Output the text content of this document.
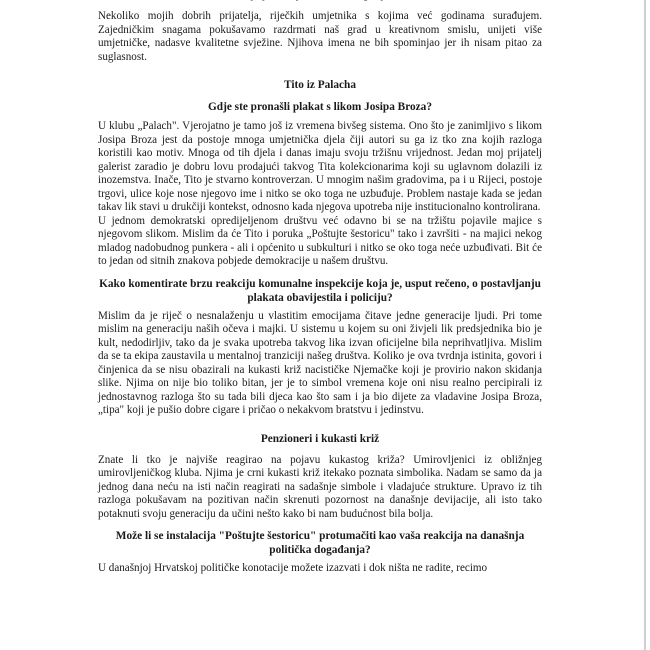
Nekoliko mojih dobrih prijatelja, riječkih umjetnika s kojima već godinama surađujem. Zajedničkim snagama pokušavamo razdrmati naš grad u kreativnom smislu, unijeti više umjetničke, nadasve kvalitetne svježine. Njihova imena ne bih spominjao jer ih nisam pitao za suglasnost.

Tito iz Palacha

Gdje ste pronašli plakat s likom Josipa Broza?

U klubu „Palach". Vjerojatno je tamo još iz vremena bivšeg sistema. Ono što je zanimljivo s likom Josipa Broza jest da postoje mnoga umjetnička djela čiji autori su ga iz tko zna kojih razloga koristili kao motiv. Mnoga od tih djela i danas imaju svoju tržišnu vrijednost. Jedan moj prijatelj galerist zaradio je dobru lovu prodajući takvog Tita kolekcionarima koji su uglavnom dolazili iz inozemstva. Inače, Tito je stvarno kontroverzan. U mnogim našim gradovima, pa i u Rijeci, postoje trgovi, ulice koje nose njegovo ime i nitko se oko toga ne uzbuđuje. Problem nastaje kada se jedan takav lik stavi u drukčiji kontekst, odnosno kada njegova upotreba nije institucionalno kontrolirana.

U jednom demokratski opredijeljenom društvu već odavno bi se na tržištu pojavile majice s njegovom slikom. Mislim da će Tito i poruka „Poštujte šestoricu" tako i završiti - na majici nekog mladog nadobudnog punkera - ali i općenito u subkulturi i nitko se oko toga neće uzbuđivati. Bit će to jedan od sitnih znakova pobjede demokracije u našem društvu.

Kako komentirate brzu reakciju komunalne inspekcije koja je, usput rečeno, o postavljanju plakata obavijestila i policiju?

Mislim da je riječ o nesnalaženju u vlastitim emocijama čitave jedne generacije ljudi. Pri tome mislim na generaciju naših očeva i majki. U sistemu u kojem su oni živjeli lik predsjednika bio je kult, nedodirljiv, tako da je svaka upotreba takvog lika izvan oficijelne bila neprihvatljiva. Mislim da se ta ekipa zaustavila u mentalnoj tranziciji našeg društva. Koliko je ova tvrdnja istinita, govori i činjenica da se nisu obazirali na kukasti križ nacističke Njemačke koji je provirio nakon skidanja slike. Njima on nije bio toliko bitan, jer je to simbol vremena koje oni nisu realno percipirali iz jednostavnog razloga što su tada bili djeca kao što sam i ja bio dijete za vladavine Josipa Broza, „tipa" koji je pušio dobre cigare i pričao o nekakvom bratstvu i jedinstvu.

Penzioneri i kukasti križ

Znate li tko je najviše reagirao na pojavu kukastog križa? Umirovljenici iz obližnjeg umirovljeničkog kluba. Njima je crni kukasti križ itekako poznata simbolika. Nadam se samo da ja jednog dana neću na isti način reagirati na sadašnje simbole i vladajuće strukture. Upravo iz tih razloga pokušavam na pozitivan način skrenuti pozornost na današnje devijacije, ali isto tako potaknuti svoju generaciju da učini nešto kako bi nam budućnost bila bolja.

Može li se instalacija "Poštujte šestoricu" protumačiti kao vaša reakcija na današnja politička događanja?

U današnjoj Hrvatskoj političke konotacije možete izazvati i dok ništa ne radite, recimo
